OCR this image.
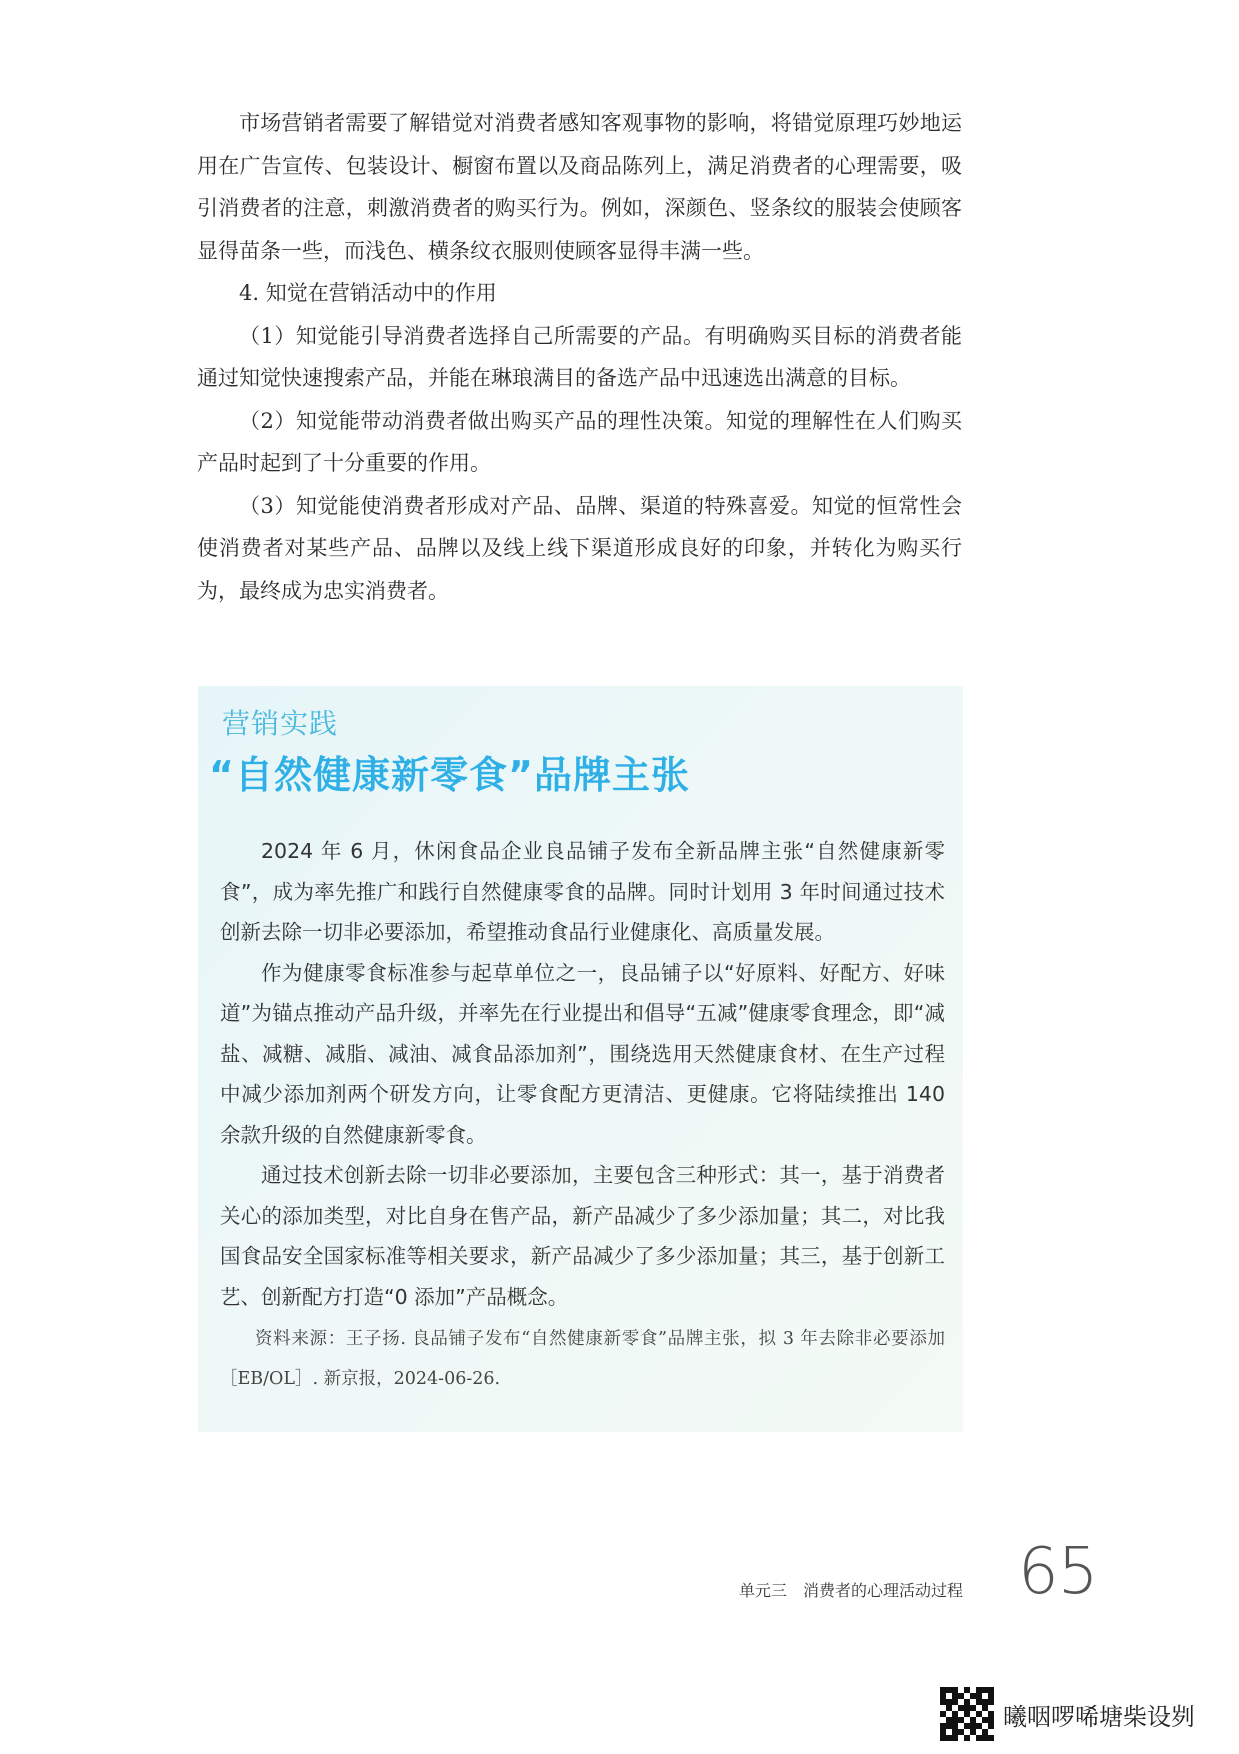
市场营销者需要了解错觉对消费者感知客观事物的影响，将错觉原理巧妙地运用在广告宣传、包装设计、橱窗布置以及商品陈列上，满足消费者的心理需要，吸引消费者的注意，刺激消费者的购买行为。例如，深颜色、竖条纹的服装会使顾客显得苗条一些，而浅色、横条纹衣服则使顾客显得丰满一些。

4. 知觉在营销活动中的作用

（1）知觉能引导消费者选择自己所需要的产品。有明确购买目标的消费者能通过知觉快速搜索产品，并能在琳琅满目的备选产品中迅速选出满意的目标。

（2）知觉能带动消费者做出购买产品的理性决策。知觉的理解性在人们购买产品时起到了十分重要的作用。

（3）知觉能使消费者形成对产品、品牌、渠道的特殊喜爱。知觉的恒常性会使消费者对某些产品、品牌以及线上线下渠道形成良好的印象，并转化为购买行为，最终成为忠实消费者。

营销实践
“自然健康新零食”品牌主张

2024 年 6 月，休闲食品企业良品铺子发布全新品牌主张“自然健康新零食”，成为率先推广和践行自然健康零食的品牌。同时计划用 3 年时间通过技术创新去除一切非必要添加，希望推动食品行业健康化、高质量发展。

作为健康零食标准参与起草单位之一，良品铺子以“好原料、好配方、好味道”为锚点推动产品升级，并率先在行业提出和倡导“五减”健康零食理念，即“减盐、减糖、减脂、减油、减食品添加剂”，围绕选用天然健康食材、在生产过程中减少添加剂两个研发方向，让零食配方更清洁、更健康。它将陆续推出 140 余款升级的自然健康新零食。

通过技术创新去除一切非必要添加，主要包含三种形式：其一，基于消费者关心的添加类型，对比自身在售产品，新产品减少了多少添加量；其二，对比我国食品安全国家标准等相关要求，新产品减少了多少添加量；其三，基于创新工艺、创新配方打造“0 添加”产品概念。

资料来源：王子扬. 良品铺子发布“自然健康新零食”品牌主张，拟 3 年去除非必要添加［EB/OL］. 新京报，2024-06-26.

单元三　消费者的心理活动过程 65
曦咽啰唏塘柴设刿
